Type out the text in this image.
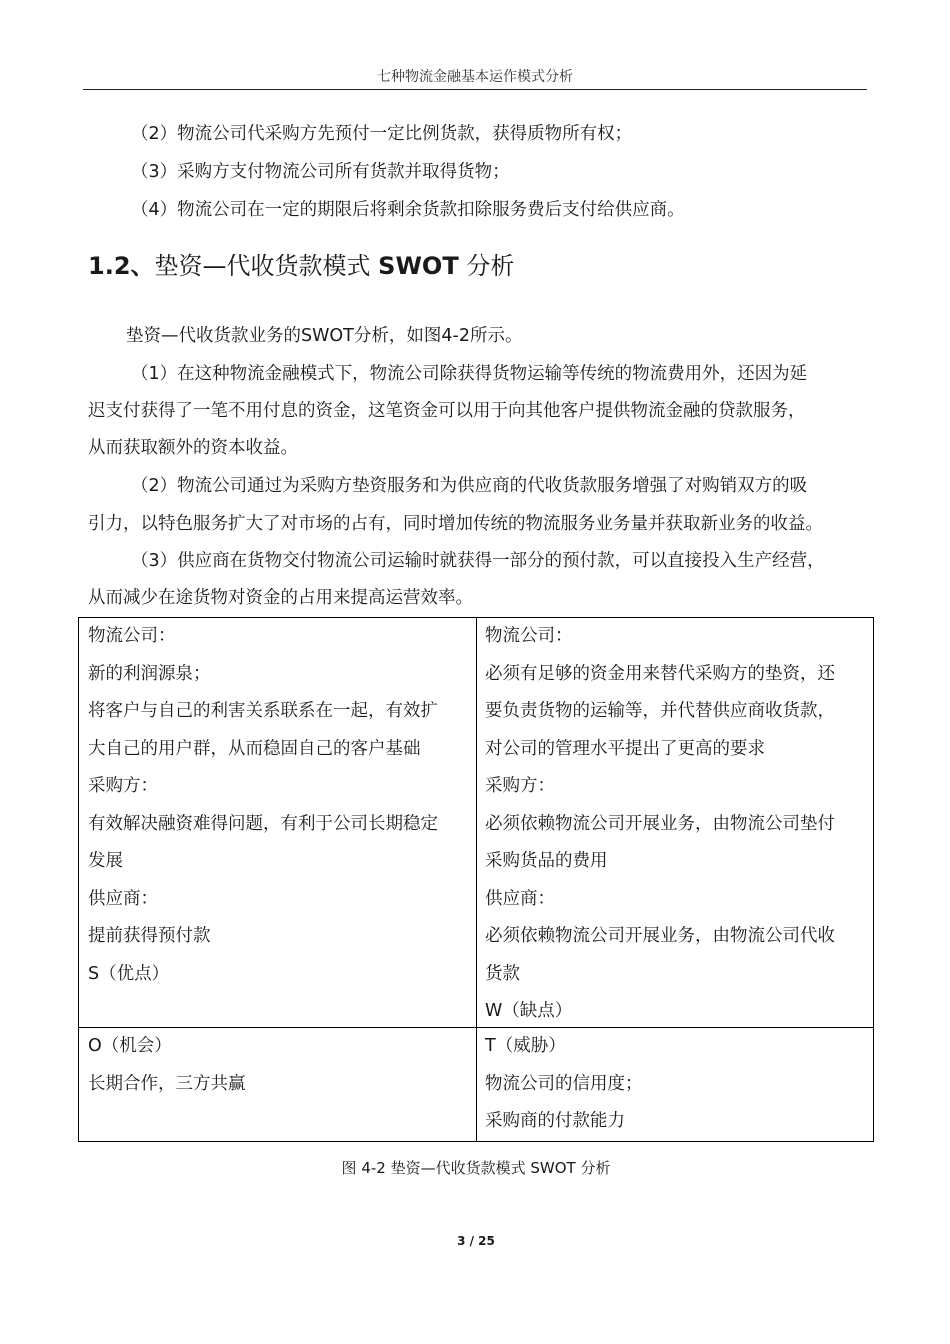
七种物流金融基本运作模式分析
（2）物流公司代采购方先预付一定比例货款，获得质物所有权；
（3）采购方支付物流公司所有货款并取得货物；
（4）物流公司在一定的期限后将剩余货款扣除服务费后支付给供应商。
1.2、垫资—代收货款模式 SWOT 分析
垫资—代收货款业务的SWOT分析，如图4-2所示。
（1）在这种物流金融模式下，物流公司除获得货物运输等传统的物流费用外，还因为延
迟支付获得了一笔不用付息的资金，这笔资金可以用于向其他客户提供物流金融的贷款服务，
从而获取额外的资本收益。
（2）物流公司通过为采购方垫资服务和为供应商的代收货款服务增强了对购销双方的吸
引力，以特色服务扩大了对市场的占有，同时增加传统的物流服务业务量并获取新业务的收益。
（3）供应商在货物交付物流公司运输时就获得一部分的预付款，可以直接投入生产经营，
从而减少在途货物对资金的占用来提高运营效率。
物流公司：
新的利润源泉；
将客户与自己的利害关系联系在一起，有效扩
大自己的用户群，从而稳固自己的客户基础
采购方：
有效解决融资难得问题，有利于公司长期稳定
发展
供应商：
提前获得预付款
S（优点）
物流公司：
必须有足够的资金用来替代采购方的垫资，还
要负责货物的运输等，并代替供应商收货款，
对公司的管理水平提出了更高的要求
采购方：
必须依赖物流公司开展业务，由物流公司垫付
采购货品的费用
供应商：
必须依赖物流公司开展业务，由物流公司代收
货款
W（缺点）
O（机会）
长期合作，三方共赢
T（威胁）
物流公司的信用度；
采购商的付款能力
图 4-2 垫资—代收货款模式 SWOT 分析
3 / 25
